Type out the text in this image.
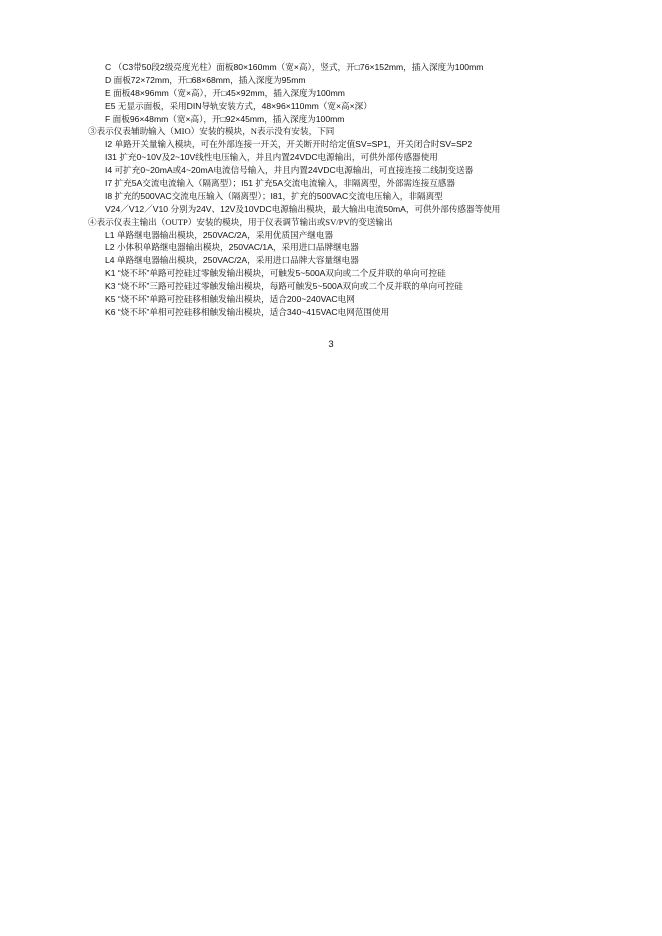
C （C3带50段2级亮度光柱）面板80×160mm（宽×高），竖式，开□76×152mm，插入深度为100mm
D 面板72×72mm，开□68×68mm，插入深度为95mm
E 面板48×96mm（宽×高），开□45×92mm，插入深度为100mm
E5 无显示面板，采用DIN导轨安装方式，48×96×110mm（宽×高×深）
F 面板96×48mm（宽×高），开□92×45mm，插入深度为100mm
③表示仪表辅助输入（MIO）安装的模块，N表示没有安装，下同
I2 单路开关量输入模块，可在外部连接一开关，开关断开时给定值SV=SP1，开关闭合时SV=SP2
I31 扩充0~10V及2~10V线性电压输入，并且内置24VDC电源输出，可供外部传感器使用
I4 可扩充0~20mA或4~20mA电流信号输入，并且内置24VDC电源输出，可直接连接二线制变送器
I7 扩充5A交流电流输入（隔离型）；I51 扩充5A交流电流输入，非隔离型，外部需连接互感器
I8 扩充的500VAC交流电压输入（隔离型）；I81，扩充的500VAC交流电压输入，非隔离型
V24／V12／V10 分别为24V、12V及10VDC电源输出模块，最大输出电流50mA，可供外部传感器等使用
④表示仪表主输出（OUTP）安装的模块，用于仪表调节输出或SV/PV的变送输出
L1 单路继电器输出模块，250VAC/2A，采用优质国产继电器
L2 小体积单路继电器输出模块，250VAC/1A，采用进口品牌继电器
L4 单路继电器输出模块，250VAC/2A，采用进口品牌大容量继电器
K1 “烧不坏”单路可控硅过零触发输出模块，可触发5~500A双向或二个反并联的单向可控硅
K3 “烧不坏”三路可控硅过零触发输出模块，每路可触发5~500A双向或二个反并联的单向可控硅
K5 “烧不坏”单路可控硅移相触发输出模块，适合200~240VAC电网
K6 “烧不坏”单相可控硅移相触发输出模块，适合340~415VAC电网范围使用
3
